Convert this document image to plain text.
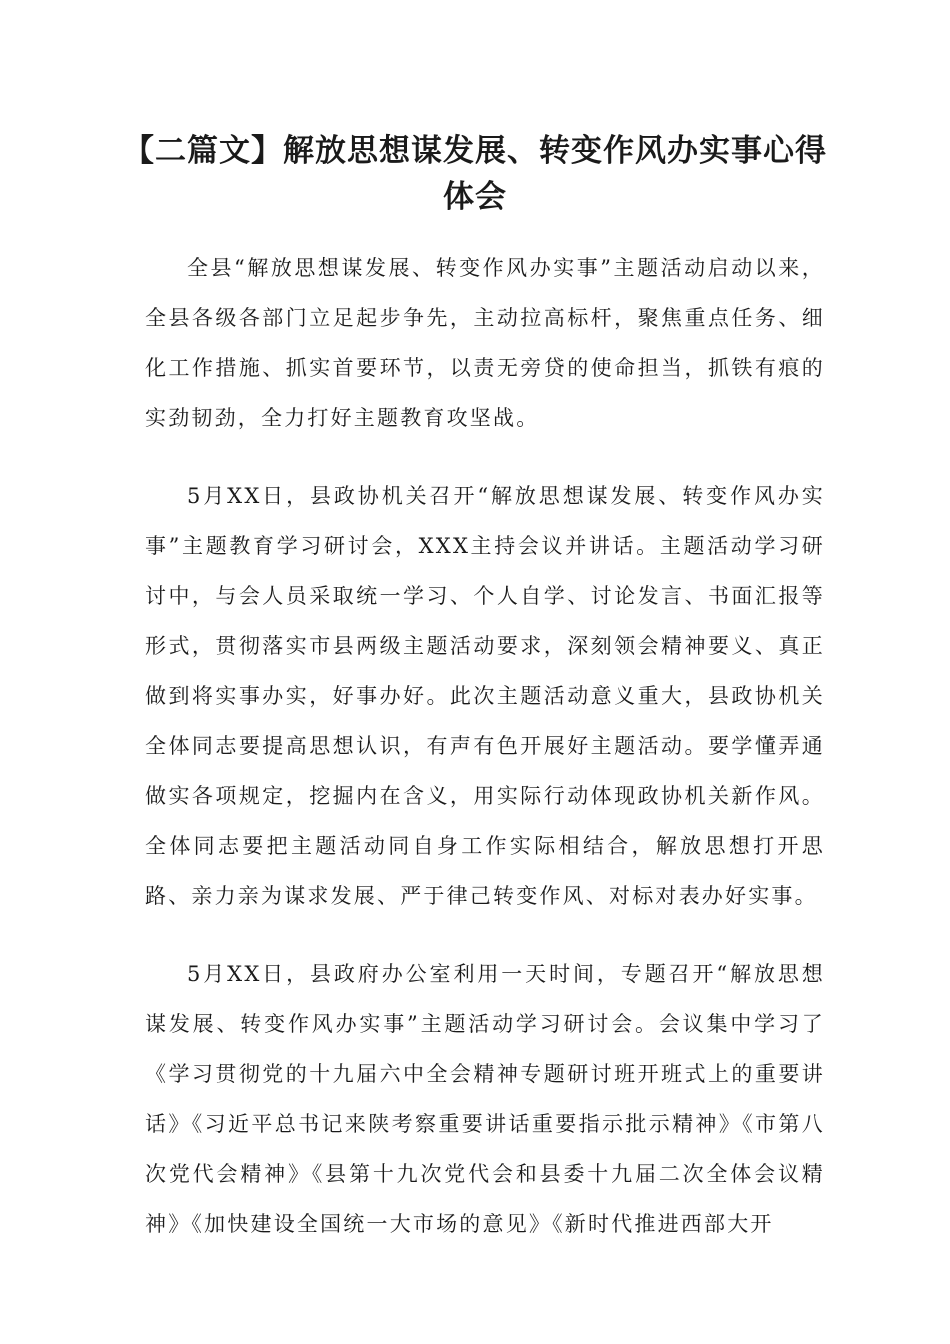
【二篇文】解放思想谋发展、转变作风办实事心得体会

全县“解放思想谋发展、转变作风办实事”主题活动启动以来，全县各级各部门立足起步争先，主动拉高标杆，聚焦重点任务、细化工作措施、抓实首要环节，以责无旁贷的使命担当，抓铁有痕的实劲韧劲，全力打好主题教育攻坚战。

5月XX日，县政协机关召开“解放思想谋发展、转变作风办实事”主题教育学习研讨会，XXX主持会议并讲话。主题活动学习研讨中，与会人员采取统一学习、个人自学、讨论发言、书面汇报等形式，贯彻落实市县两级主题活动要求，深刻领会精神要义、真正做到将实事办实，好事办好。此次主题活动意义重大，县政协机关全体同志要提高思想认识，有声有色开展好主题活动。要学懂弄通做实各项规定，挖掘内在含义，用实际行动体现政协机关新作风。全体同志要把主题活动同自身工作实际相结合，解放思想打开思路、亲力亲为谋求发展、严于律己转变作风、对标对表办好实事。

5月XX日，县政府办公室利用一天时间，专题召开“解放思想谋发展、转变作风办实事”主题活动学习研讨会。会议集中学习了《学习贯彻党的十九届六中全会精神专题研讨班开班式上的重要讲话》《习近平总书记来陕考察重要讲话重要指示批示精神》《市第八次党代会精神》《县第十九次党代会和县委十九届二次全体会议精神》《加快建设全国统一大市场的意见》《新时代推进西部大开
